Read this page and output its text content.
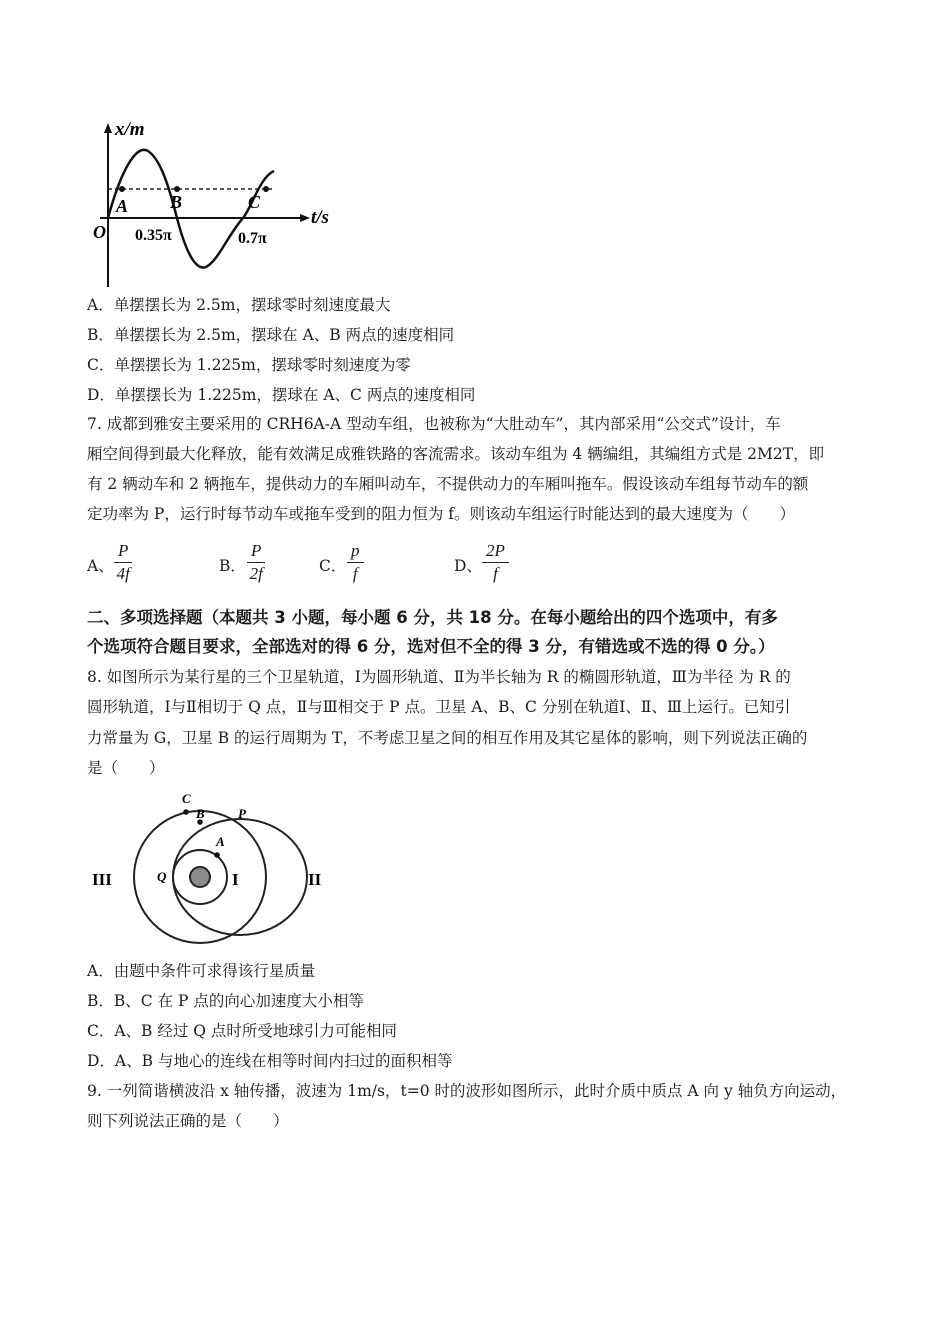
x/m
t/s
O
A B	C
0.35π	0.7π
A．单摆摆长为 2.5m，摆球零时刻速度最大
B．单摆摆长为 2.5m，摆球在 A、B 两点的速度相同
C．单摆摆长为 1.225m，摆球零时刻速度为零
D．单摆摆长为 1.225m，摆球在 A、C 两点的速度相同
7. 成都到雅安主要采用的 CRH6A-A 型动车组，也被称为“大肚动车”，其内部采用“公交式”设计，车
厢空间得到最大化释放，能有效满足成雅铁路的客流需求。该动车组为 4 辆编组，其编组方式是 2M2T，即
有 2 辆动车和 2 辆拖车，提供动力的车厢叫动车，不提供动力的车厢叫拖车。假设该动车组每节动车的额
定功率为 P，运行时每节动车或拖车受到的阻力恒为 f。则该动车组运行时能达到的最大速度为（　　）
A、 $\frac{P}{4f}$	B． $\frac{P}{2f}$	C． $\frac{p}{f}$	D、 $\frac{2P}{f}$
二、多项选择题（本题共 3 小题，每小题 6 分，共 18 分。在每小题给出的四个选项中，有多
个选项符合题目要求，全部选对的得 6 分，选对但不全的得 3 分，有错选或不选的得 0 分。）
8. 如图所示为某行星的三个卫星轨道，Ⅰ为圆形轨道、Ⅱ为半长轴为 R 的椭圆形轨道，Ⅲ为半径 为 R 的
圆形轨道，Ⅰ与Ⅱ相切于 Q 点，Ⅱ与Ⅲ相交于 P 点。卫星 A、B、C 分别在轨道Ⅰ、Ⅱ、Ⅲ上运行。已知引
力常量为 G，卫星 B 的运行周期为 T，不考虑卫星之间的相互作用及其它星体的影响，则下列说法正确的
是（　　）
III	I	II
Q
A
B
C
P
A．由题中条件可求得该行星质量
B．B、C 在 P 点的向心加速度大小相等
C．A、B 经过 Q 点时所受地球引力可能相同
D．A、B 与地心的连线在相等时间内扫过的面积相等
9. 一列简谐横波沿 x 轴传播，波速为 1m/s，t=0 时的波形如图所示，此时介质中质点 A 向 y 轴负方向运动，
则下列说法正确的是（　　）
